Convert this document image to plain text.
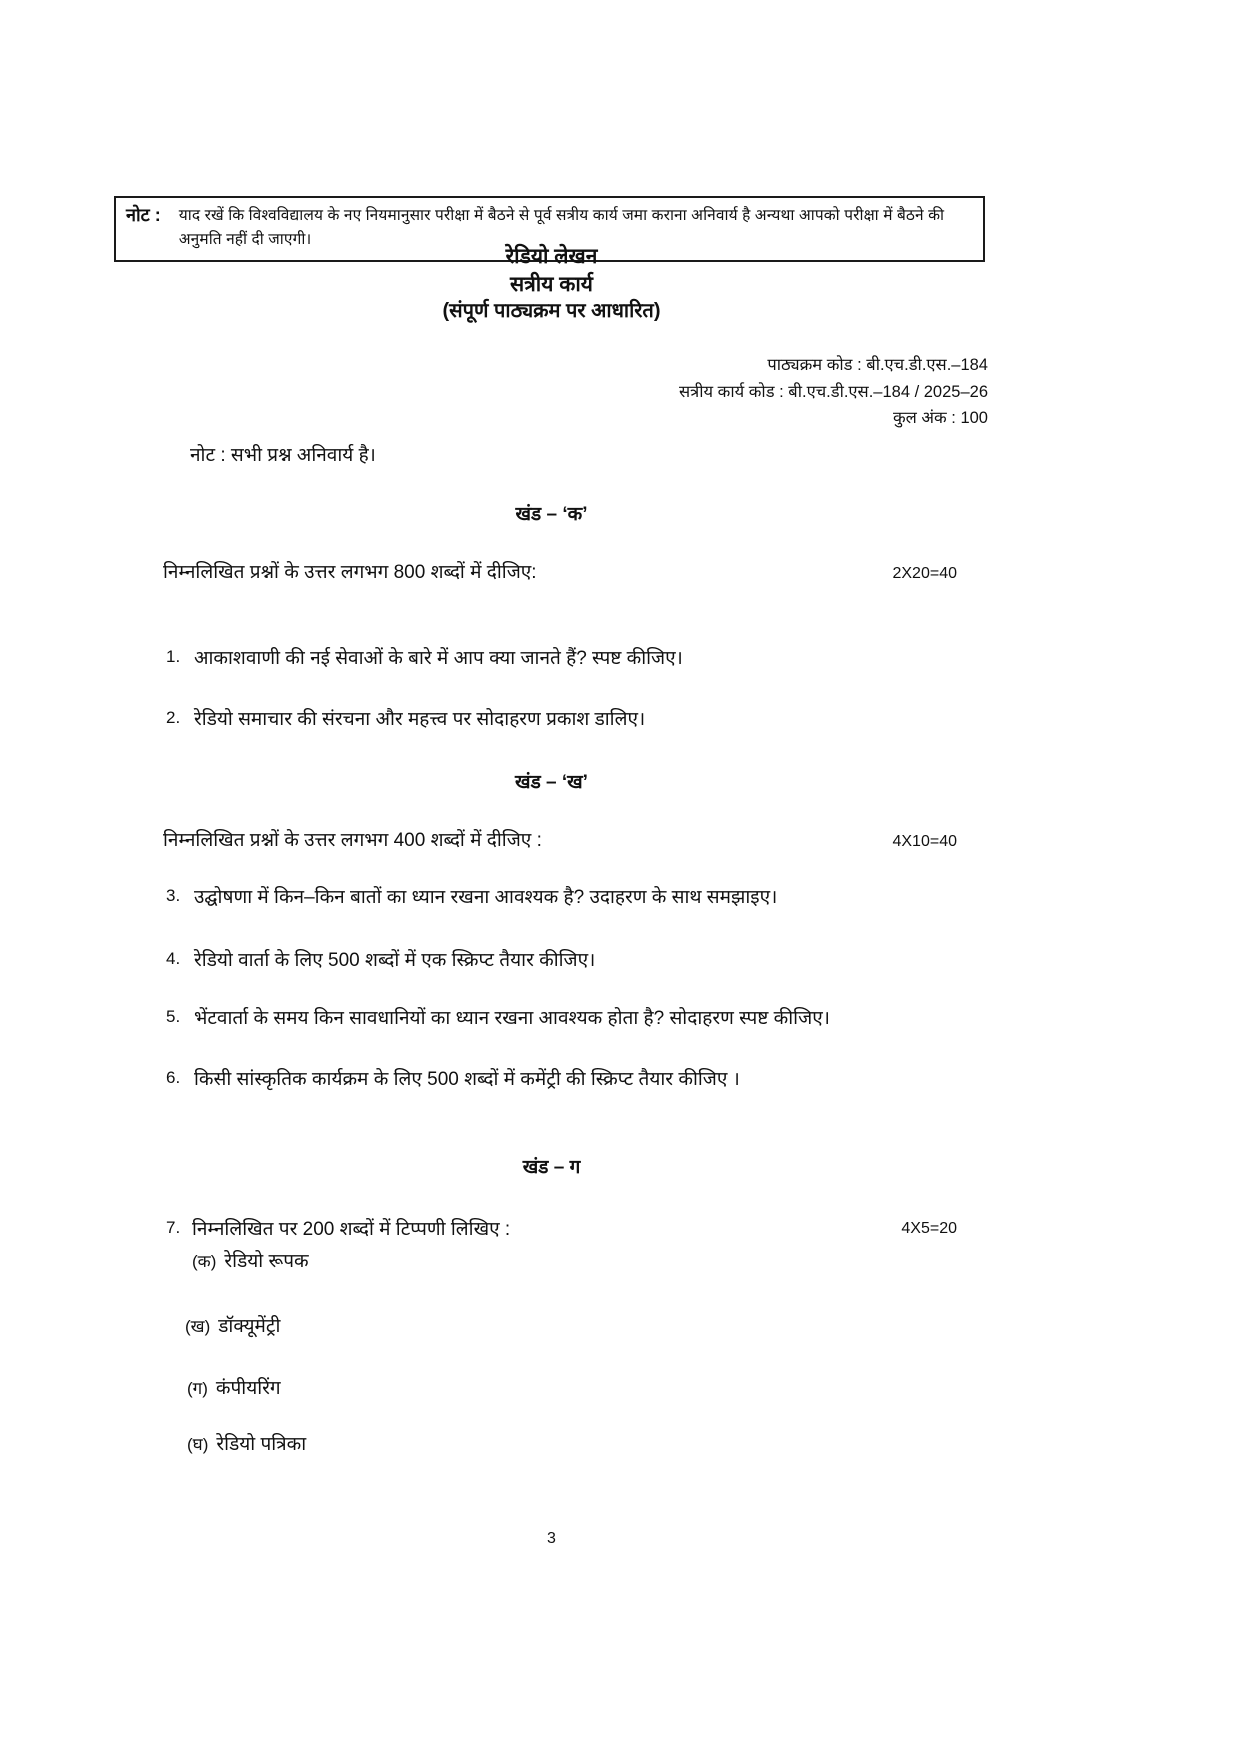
नोट : याद रखें कि विश्वविद्यालय के नए नियमानुसार परीक्षा में बैठने से पूर्व सत्रीय कार्य जमा कराना अनिवार्य है अन्यथा आपको परीक्षा में बैठने की अनुमति नहीं दी जाएगी।
रेडियो लेखन
सत्रीय कार्य
(संपूर्ण पाठ्यक्रम पर आधारित)
पाठ्यक्रम कोड : बी.एच.डी.एस.–184
सत्रीय कार्य कोड : बी.एच.डी.एस.–184 / 2025–26
कुल अंक : 100
नोट : सभी प्रश्न अनिवार्य है।
खंड – ‘क’
निम्नलिखित प्रश्नों के उत्तर लगभग 800 शब्दों में दीजिए:	2X20=40
1. आकाशवाणी की नई सेवाओं के बारे में आप क्या जानते हैं? स्पष्ट कीजिए।
2. रेडियो समाचार की संरचना और महत्त्व पर सोदाहरण प्रकाश डालिए।
खंड – ‘ख’
निम्नलिखित प्रश्नों के उत्तर लगभग 400 शब्दों में दीजिए :	4X10=40
3. उद्घोषणा में किन–किन बातों का ध्यान रखना आवश्यक है? उदाहरण के साथ समझाइए।
4. रेडियो वार्ता के लिए 500 शब्दों में एक स्क्रिप्ट तैयार कीजिए।
5. भेंटवार्ता के समय किन सावधानियों का ध्यान रखना आवश्यक होता है? सोदाहरण स्पष्ट कीजिए।
6. किसी सांस्कृतिक कार्यक्रम के लिए 500 शब्दों में कमेंट्री की स्क्रिप्ट तैयार कीजिए ।
खंड – ग
7. निम्नलिखित पर 200 शब्दों में टिप्पणी लिखिए :	4X5=20
(क) रेडियो रूपक
(ख) डॉक्यूमेंट्री
(ग) कंपीयरिंग
(घ) रेडियो पत्रिका
3
